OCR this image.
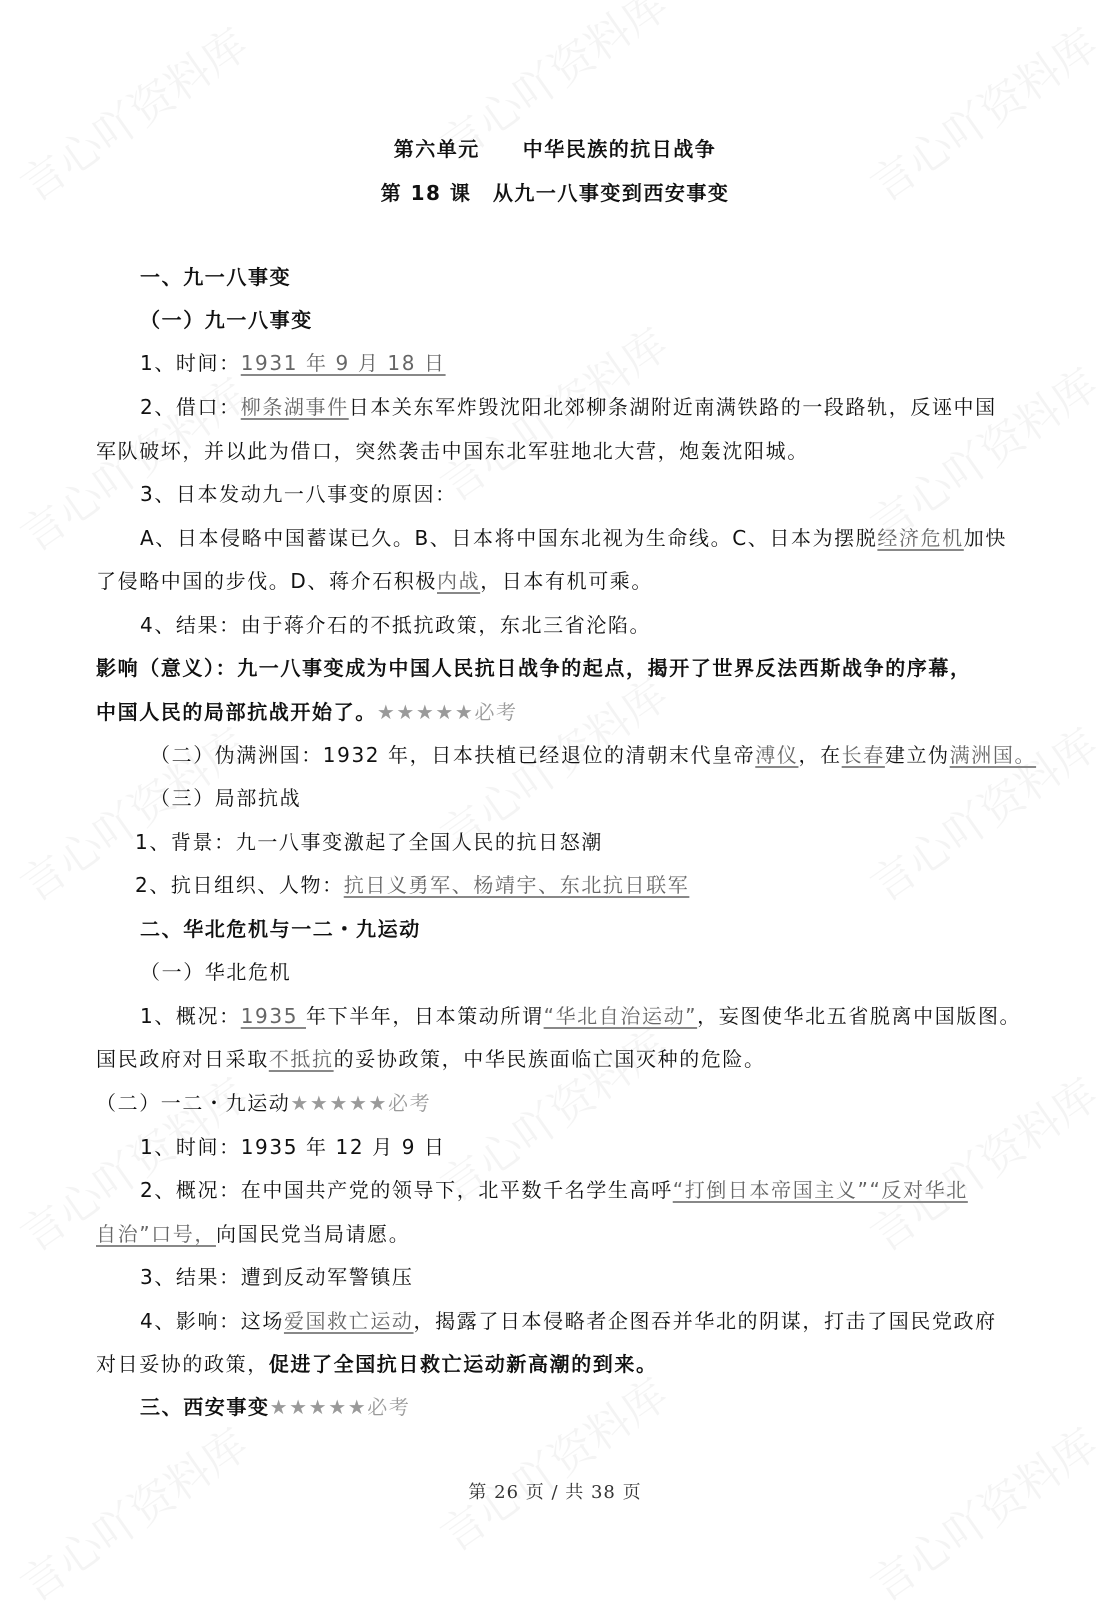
第六单元　　中华民族的抗日战争
第 18 课　从九一八事变到西安事变
一、九一八事变
（一）九一八事变
1、时间：1931 年 9 月 18 日
2、借口：柳条湖事件日本关东军炸毁沈阳北郊柳条湖附近南满铁路的一段路轨，反诬中国
军队破坏，并以此为借口，突然袭击中国东北军驻地北大营，炮轰沈阳城。
3、日本发动九一八事变的原因：
A、日本侵略中国蓄谋已久。B、日本将中国东北视为生命线。C、日本为摆脱经济危机加快
了侵略中国的步伐。D、蒋介石积极内战，日本有机可乘。
4、结果：由于蒋介石的不抵抗政策，东北三省沦陷。
影响（意义）：九一八事变成为中国人民抗日战争的起点，揭开了世界反法西斯战争的序幕，
中国人民的局部抗战开始了。★★★★★必考
（二）伪满洲国：1932 年，日本扶植已经退位的清朝末代皇帝溥仪，在长春建立伪满洲国。
（三）局部抗战
1、背景：九一八事变激起了全国人民的抗日怒潮
2、抗日组织、人物：抗日义勇军、杨靖宇、东北抗日联军
二、华北危机与一二・九运动
（一）华北危机
1、概况：1935 年下半年，日本策动所谓“华北自治运动”，妄图使华北五省脱离中国版图。
国民政府对日采取不抵抗的妥协政策，中华民族面临亡国灭种的危险。
（二）一二・九运动★★★★★必考
1、时间：1935 年 12 月 9 日
2、概况：在中国共产党的领导下，北平数千名学生高呼“打倒日本帝国主义”“反对华北
自治”口号，向国民党当局请愿。
3、结果：遭到反动军警镇压
4、影响：这场爱国救亡运动，揭露了日本侵略者企图吞并华北的阴谋，打击了国民党政府
对日妥协的政策，促进了全国抗日救亡运动新高潮的到来。
三、西安事变★★★★★必考
第 26 页 / 共 38 页
